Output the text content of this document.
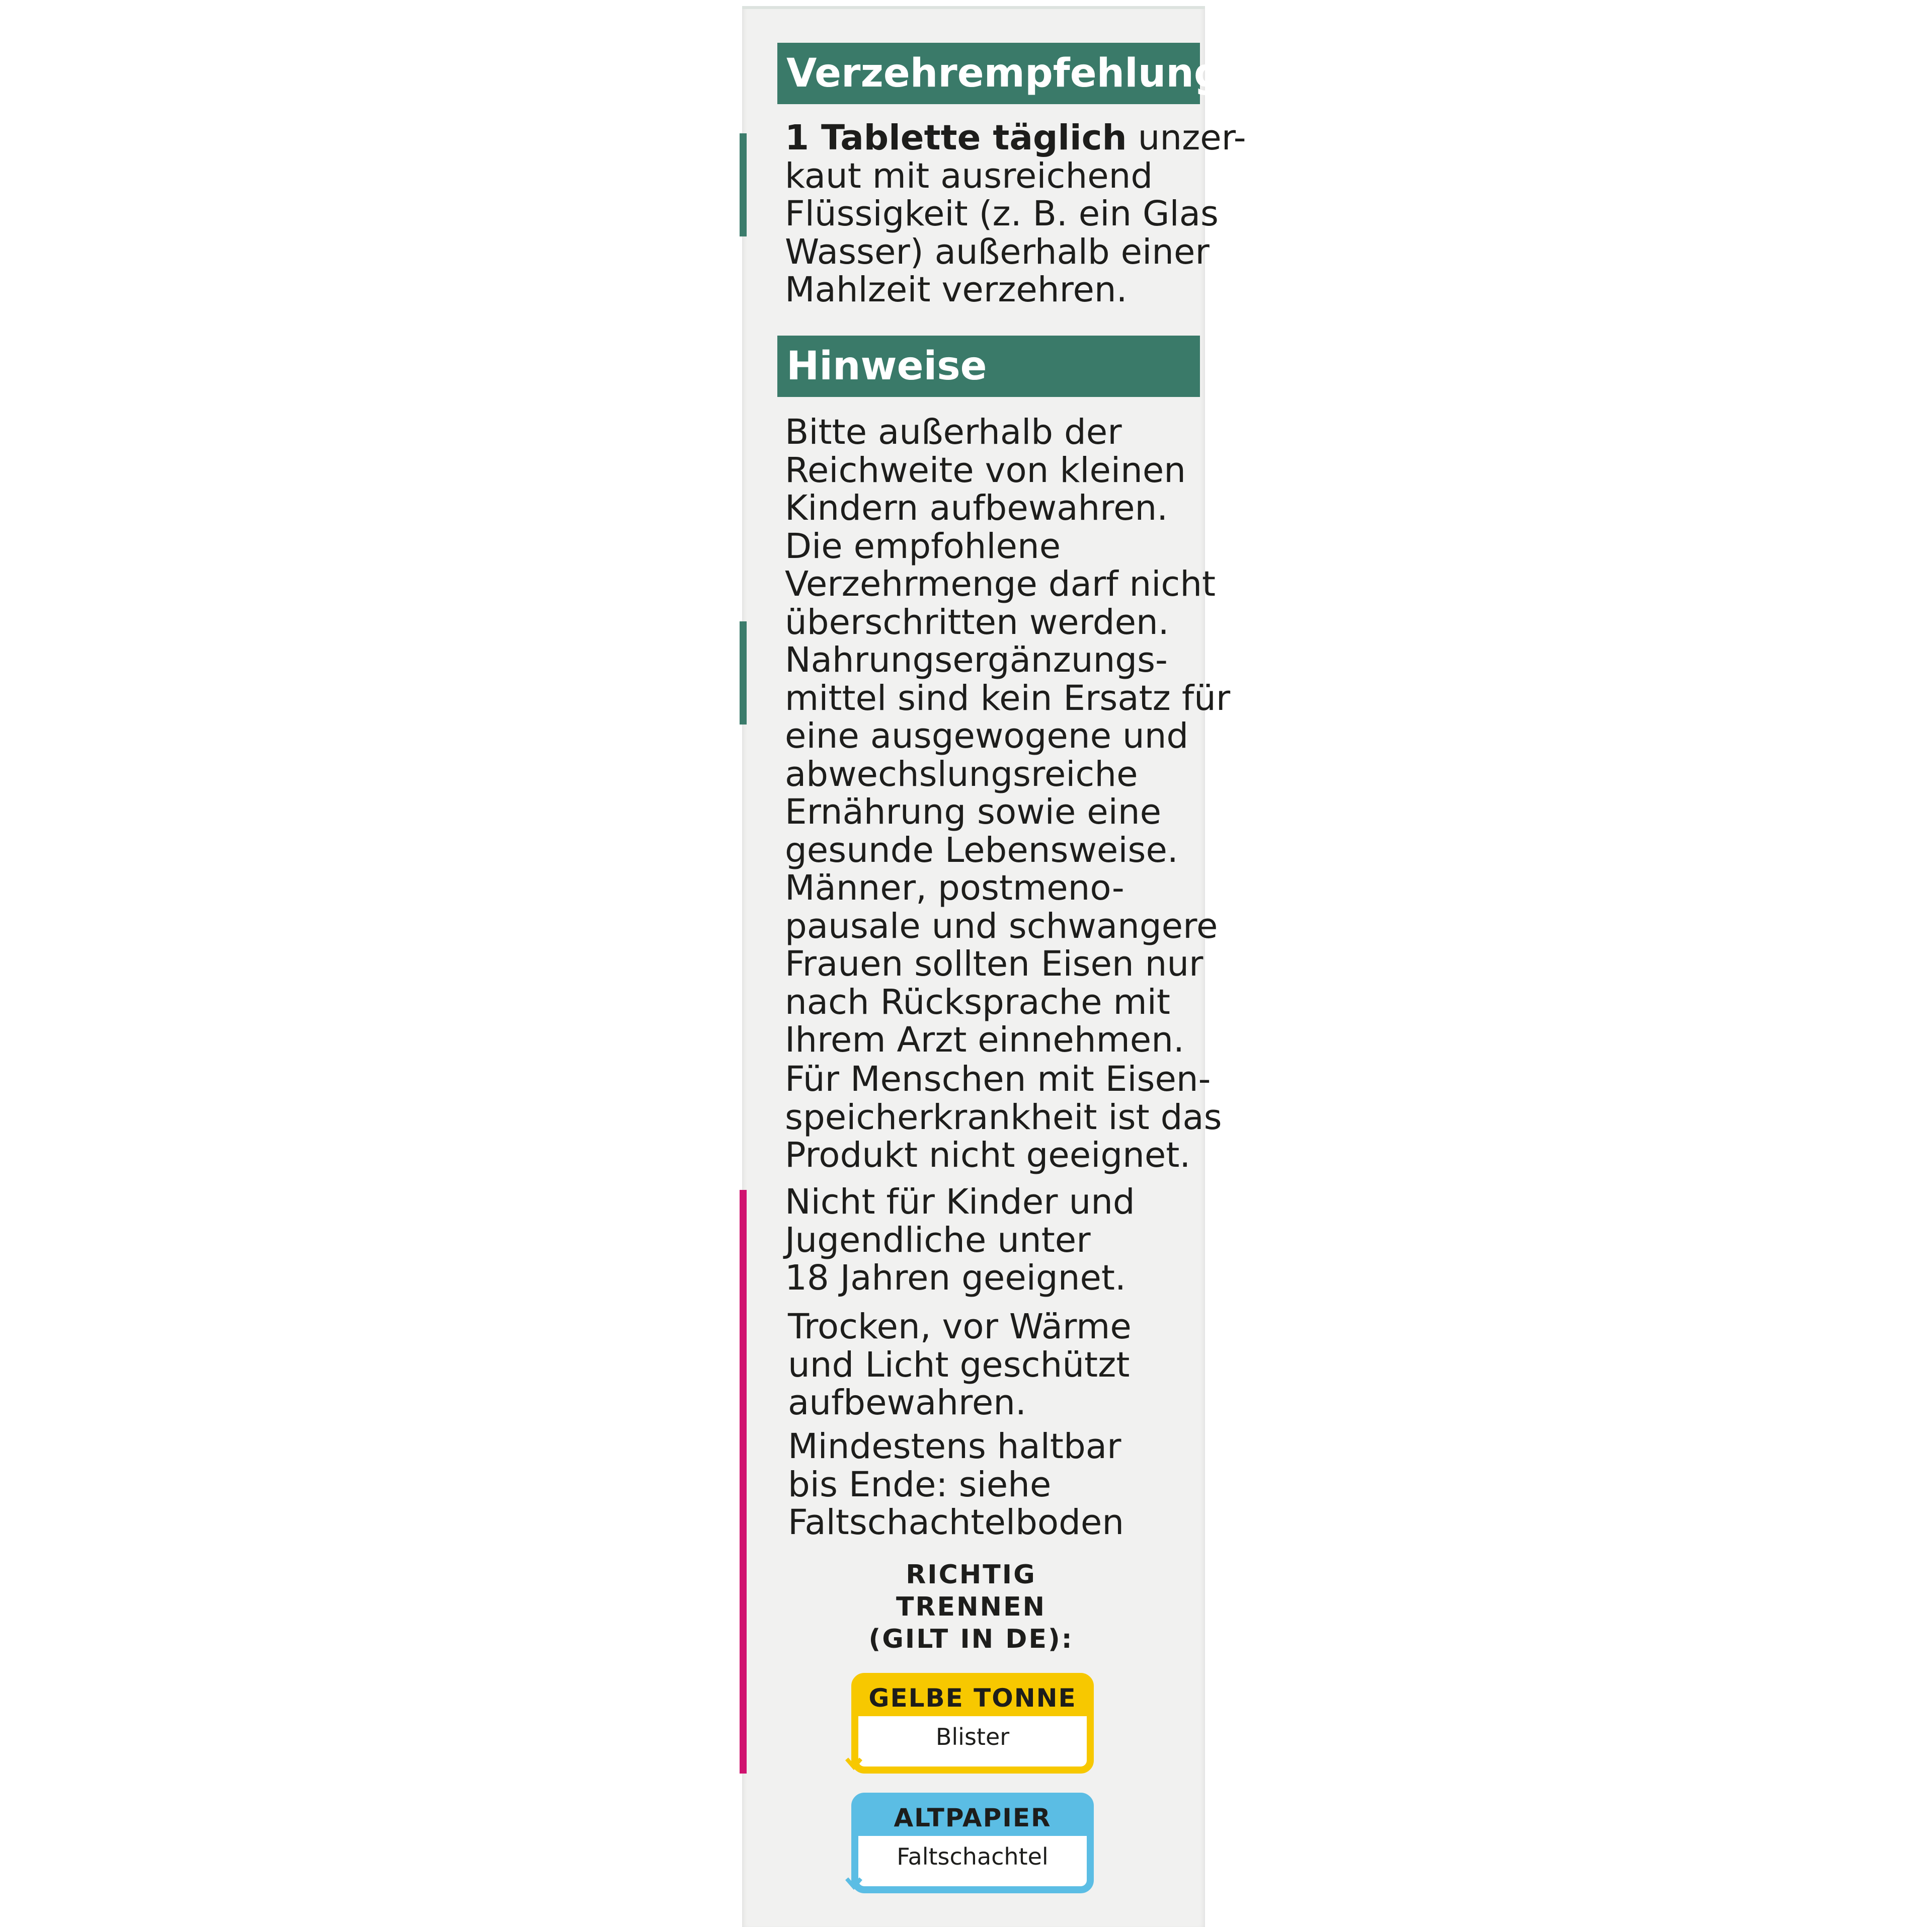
Verzehrempfehlung
1 Tablette täglich unzer-
kaut mit ausreichend
Flüssigkeit (z. B. ein Glas
Wasser) außerhalb einer
Mahlzeit verzehren.
Hinweise
Bitte außerhalb der
Reichweite von kleinen
Kindern aufbewahren.
Die empfohlene
Verzehrmenge darf nicht
überschritten werden.
Nahrungsergänzungs-
mittel sind kein Ersatz für
eine ausgewogene und
abwechslungsreiche
Ernährung sowie eine
gesunde Lebensweise.
Männer, postmeno-
pausale und schwangere
Frauen sollten Eisen nur
nach Rücksprache mit
Ihrem Arzt einnehmen.
Für Menschen mit Eisen-
speicherkrankheit ist das
Produkt nicht geeignet.
Nicht für Kinder und
Jugendliche unter
18 Jahren geeignet.
Trocken, vor Wärme
und Licht geschützt
aufbewahren.
Mindestens haltbar
bis Ende: siehe
Faltschachtelboden
RICHTIG
TRENNEN
(GILT IN DE):
GELBE TONNE
Blister
ALTPAPIER
Faltschachtel
